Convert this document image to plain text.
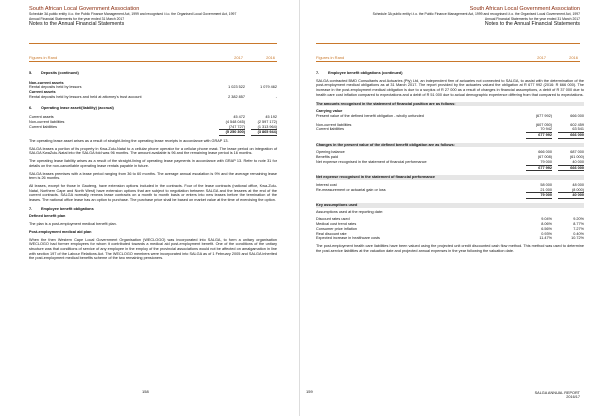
South African Local Government Association
Schedule 3A public entity i.t.o. the Public Finance Management Act, 1999 and recognised i.t.o. the Organised Local Government Act, 1997
Annual Financial Statements for the year ended 31 March 2017
Notes to the Annual Financial Statements
Figures in Rand	2017	2016
5. Deposits (continued)
Non-current assets
Rental deposits held by lessors	1 023 522	1 079 462
Current assets
Rental deposits held by lessors and held at attorney's trust account	2 382 857	-
6. Operating lease asset/(liability) (accrual)
Current assets	45 472	45 192
Non-current liabilities	(4 548 045)	(2 597 172)
Current liabilities	(747 727)	(1 313 964)
(5 250 300)	(3 865 944)

The operating lease asset arises as a result of straight-lining the operating lease receipts in accordance with GRAP 13.

SALGA leases a portion of its property in Kwa-Zulu-Natal to a cellular phone operator for a cellular phone mast. The lease period on integration of SALGA KwaZulu-Natal into the SALGA fold was 96 months. The amount available is 96 and the remaining lease period is 16 months.

The operating lease liability arises as a result of the straight-lining of operating lease payments in accordance with GRAP 13. Refer to note 31 for details on the non-cancellable operating lease rentals payable in future.

SALGA leases premises with a lease period ranging from 36 to 60 months. The average annual escalation is 9% and the average remaining lease term is 26 months.

All leases, except for those in Gauteng, have extension options included in the contracts. Four of the lease contracts (national office, Kwa-Zulu-Natal, Northern Cape and North West) have extension options that are subject to negotiation between SALGA and the lessees at the end of the current contracts. SALGA normally renews lease contracts on a month to month basis or enters into new leases before the termination of the leases. The national office lease has an option to purchase. The purchase price shall be based on market value at the time of exercising the option.

7. Employee benefit obligations
Defined benefit plan

The plan is a post-employment medical benefit plan.

Post-employment medical aid plan

When the then Western Cape Local Government Organisation (WECLOGO) was incorporated into SALGA, to form a unitary organisation WECLOGO had former employees for whom it contributed towards a medical aid post-employment benefit. One of the conditions of the unitary structure was that conditions of service of any employee in the employ of the provincial associations would not be affected on amalgamation in line with section 197 of the Labour Relations Act. The WECLOGO members were incorporated into SALGA as of 1 February 2005 and SALGA inherited the post-employment medical benefits scheme of the two remaining pensioners.

158
South African Local Government Association
Schedule 3A public entity i.t.o. the Public Finance Management Act, 1999 and recognised i.t.o. the Organised Local Government Act, 1997
Annual Financial Statements for the year ended 31 March 2017
Notes to the Annual Financial Statements
Figures in Rand	2017	2016
7. Employee benefit obligations (continued)

SALGA contracted BMD Consultants and Actuaries (Pty) Ltd, an independent firm of actuaries not connected to SALGA, to assist with the determination of the post-employment medical obligations as at 31 March 2017. The report provided by the actuaries valued the obligation at R 677 992 (2016: R 666 000). The increase in the post-employment medical obligation is due to a surplus of R 27 000 as a result of changes in financial assumptions, a debit of R 37 000 due to health care cost inflation compared to expectations and a debit of R 51 000 due to actual demographic experience differing from that compared to expectations.

The amounts recognised in the statement of financial position are as follows:
Carrying value
Present value of the defined benefit obligation - wholly unfunded	(677 992)	666 000
Non-current liabilities	(607 050)	602 459
Current liabilities	70 942	63 541
677 992	666 000
Changes in the present value of the defined benefit obligation are as follows:
Opening balance	666 000	687 000
Benefits paid	(67 008)	(61 000)
Net expense recognised in the statement of financial performance	79 000	40 000
677 992	666 000
Net expense recognised in the statement of financial performance
Interest cost	58 000	48 000
Re-measurement or actuarial gain or loss	21 000	(8 000)
79 000	40 000
Key assumptions used
Assumptions used at the reporting date:
Discount rates used	9.04%	9.20%
Medical cost trend rates	8.06%	8.77%
Consumer price inflation	6.56%	7.27%
Real discount rate	0.93%	0.40%
Expected increase in healthcare costs	11.47%	10.72%

The post-employment health care liabilities have been valued using the projected unit credit discounted cash flow method. This method was used to determine the post-service liabilities at the valuation date and projected annual expenses in the year following the valuation date.

159	SALGA ANNUAL REPORT
2016/17
